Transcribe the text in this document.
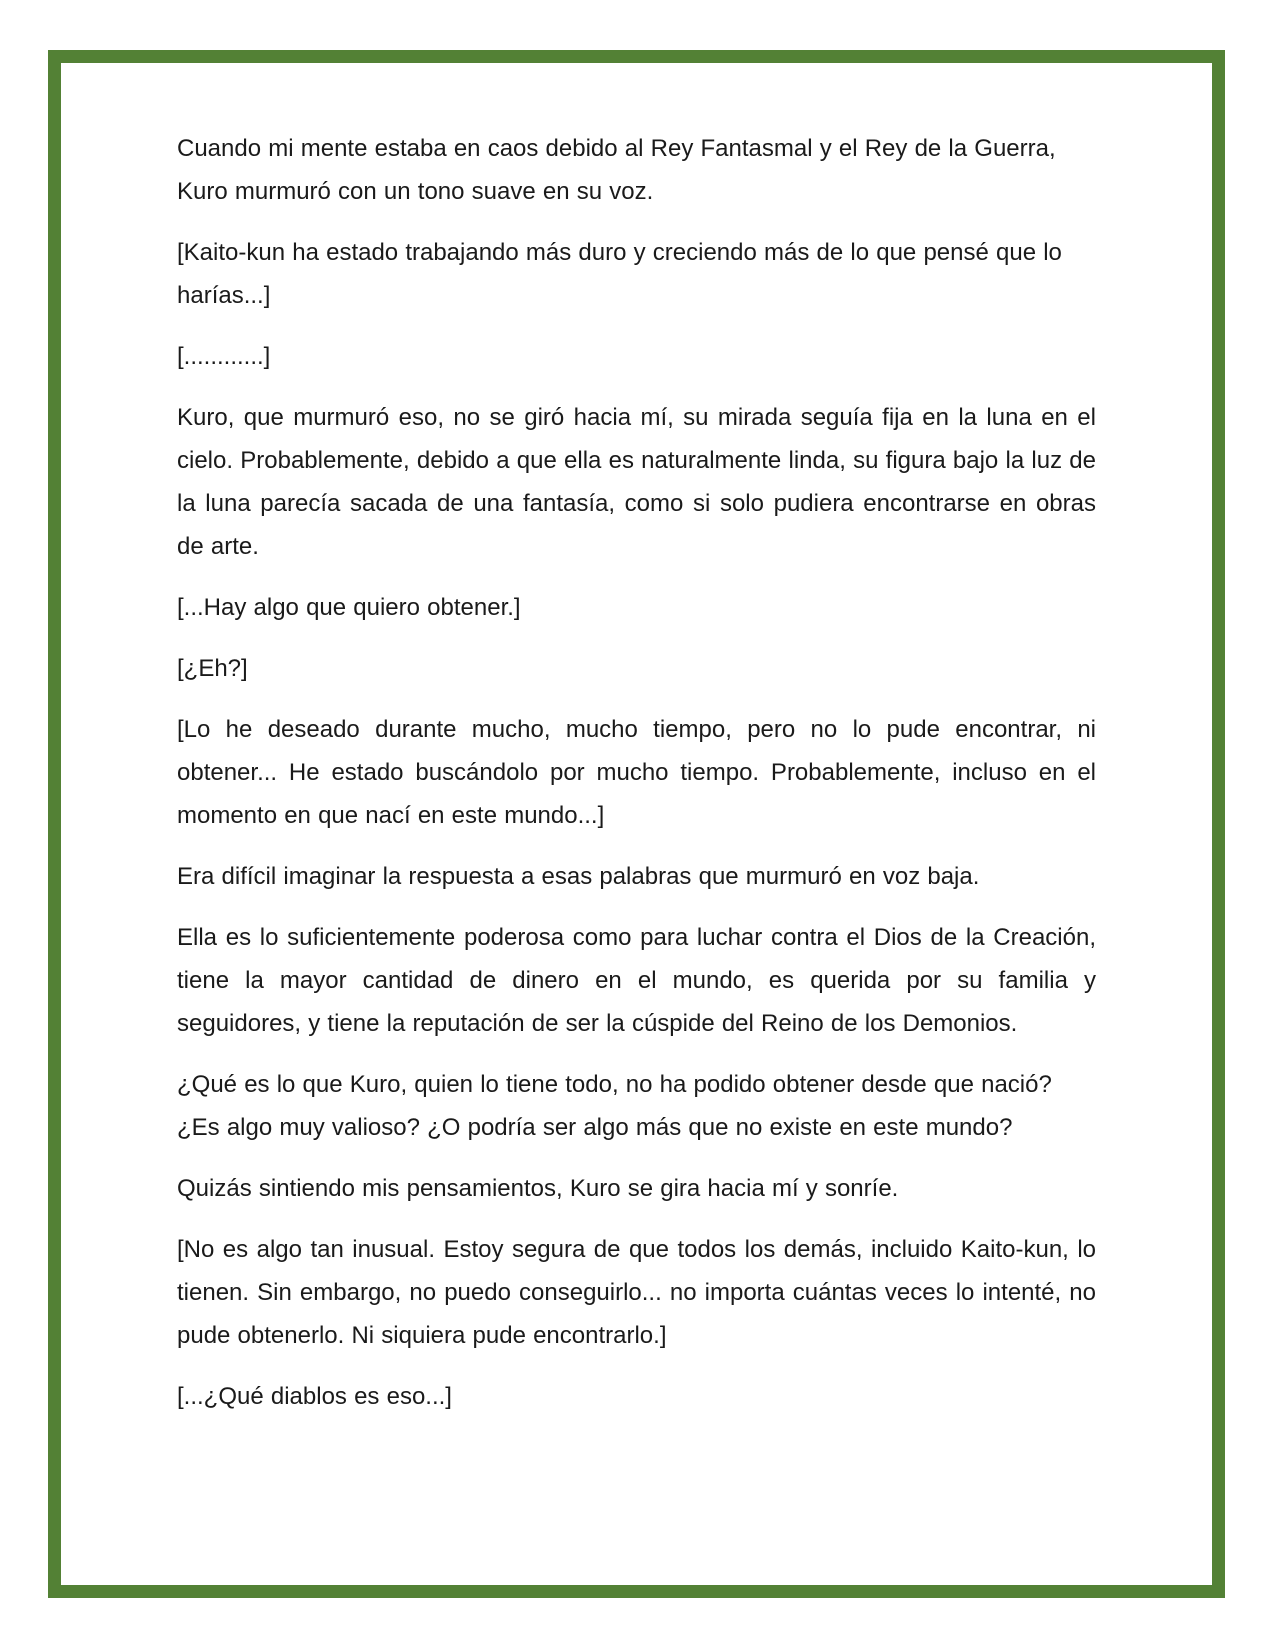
Cuando mi mente estaba en caos debido al Rey Fantasmal y el Rey de la Guerra, Kuro murmuró con un tono suave en su voz.

[Kaito-kun ha estado trabajando más duro y creciendo más de lo que pensé que lo harías...]

[............]

Kuro, que murmuró eso, no se giró hacia mí, su mirada seguía fija en la luna en el cielo. Probablemente, debido a que ella es naturalmente linda, su figura bajo la luz de la luna parecía sacada de una fantasía, como si solo pudiera encontrarse en obras de arte.

[...Hay algo que quiero obtener.]

[¿Eh?]

[Lo he deseado durante mucho, mucho tiempo, pero no lo pude encontrar, ni obtener... He estado buscándolo por mucho tiempo. Probablemente, incluso en el momento en que nací en este mundo...]

Era difícil imaginar la respuesta a esas palabras que murmuró en voz baja.

Ella es lo suficientemente poderosa como para luchar contra el Dios de la Creación, tiene la mayor cantidad de dinero en el mundo, es querida por su familia y seguidores, y tiene la reputación de ser la cúspide del Reino de los Demonios.

¿Qué es lo que Kuro, quien lo tiene todo, no ha podido obtener desde que nació? ¿Es algo muy valioso? ¿O podría ser algo más que no existe en este mundo?

Quizás sintiendo mis pensamientos, Kuro se gira hacia mí y sonríe.

[No es algo tan inusual. Estoy segura de que todos los demás, incluido Kaito-kun, lo tienen. Sin embargo, no puedo conseguirlo... no importa cuántas veces lo intenté, no pude obtenerlo. Ni siquiera pude encontrarlo.]

[...¿Qué diablos es eso...]
